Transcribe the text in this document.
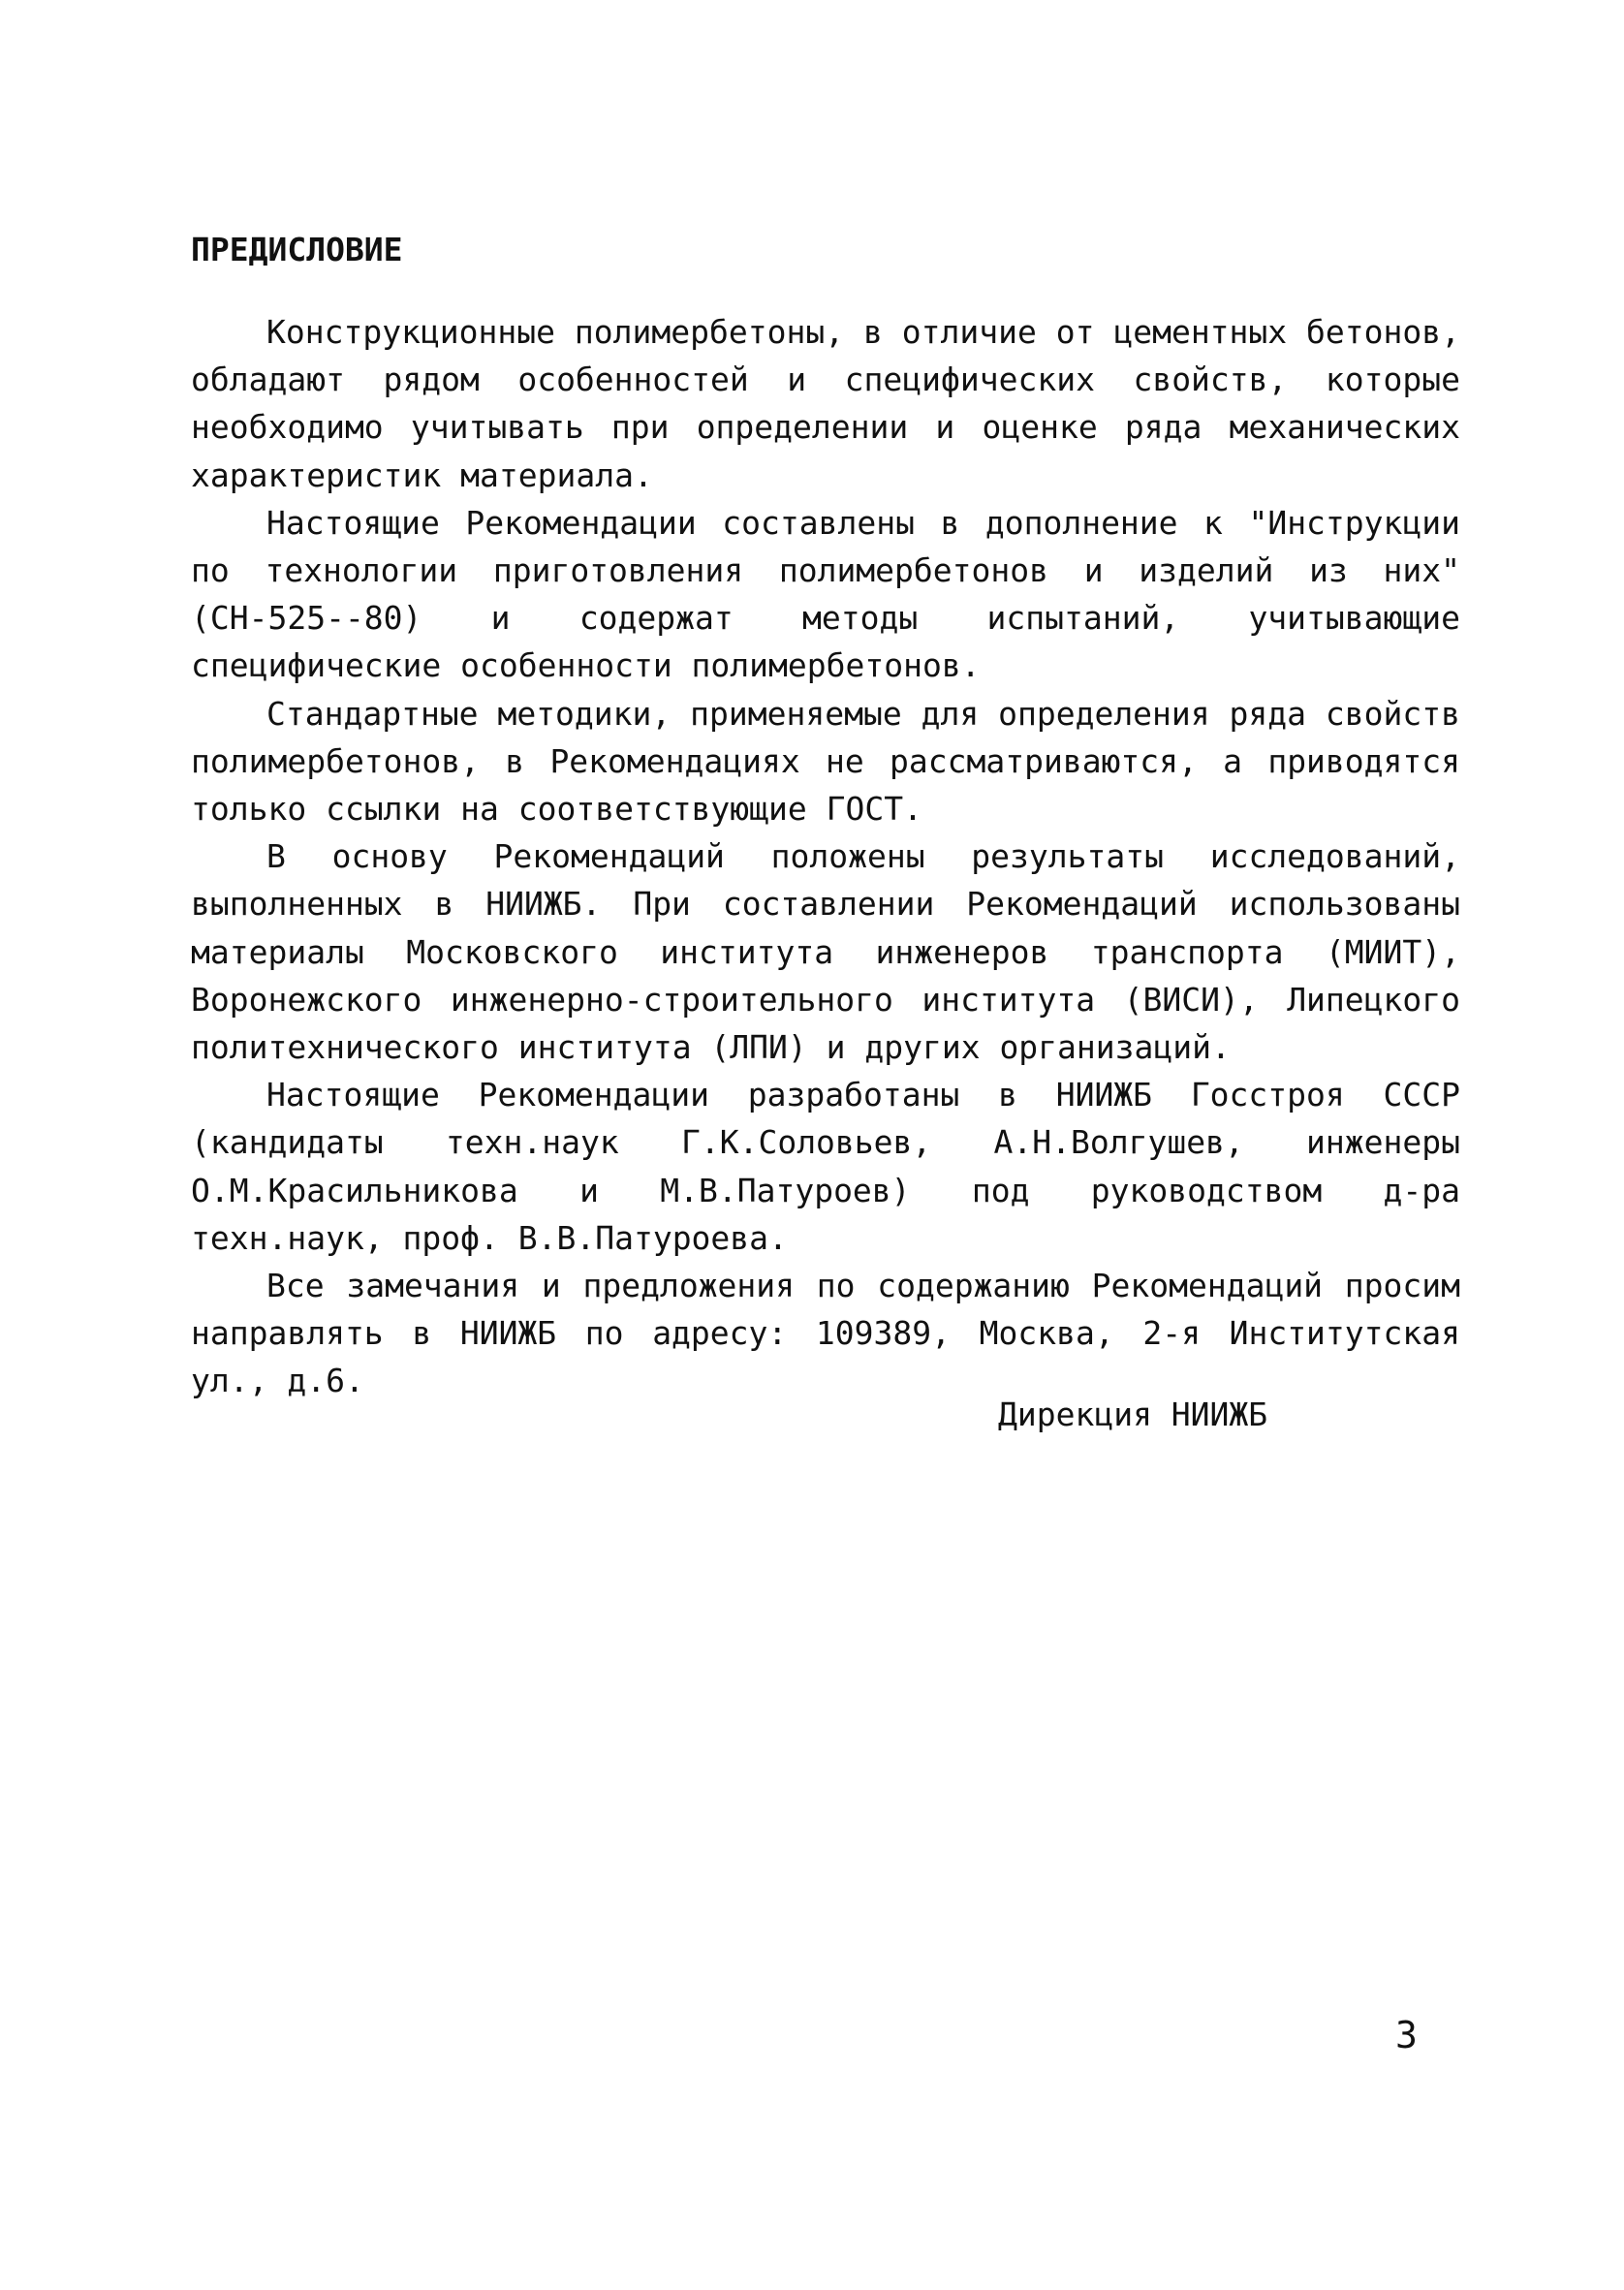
ПРЕДИСЛОВИЕ

Конструкционные полимербетоны, в отличие от цементных бетонов, обладают рядом особенностей и специфических свойств, которые необходимо учитывать при определении и оценке ряда механических характеристик материала.

Настоящие Рекомендации составлены в дополнение к "Инструкции по технологии приготовления полимербетонов и изделий из них" (СН-525--80) и содержат методы испытаний, учитывающие специфические особенности полимербетонов.

Стандартные методики, применяемые для определения ряда свойств полимербетонов, в Рекомендациях не рассматриваются, а приводятся только ссылки на соответствующие ГОСТ.

В основу Рекомендаций положены результаты исследований, выполненных в НИИЖБ. При составлении Рекомендаций использованы материалы Московского института инженеров транспорта (МИИТ), Воронежского инженерно-строительного института (ВИСИ), Липецкого политехнического института (ЛПИ) и других организаций.

Настоящие Рекомендации разработаны в НИИЖБ Госстроя СССР (кандидаты техн.наук Г.К.Соловьев, А.Н.Волгушев, инженеры О.М.Красильникова и М.В.Патуроев) под руководством д-ра техн.наук, проф. В.В.Патуроева.

Все замечания и предложения по содержанию Рекомендаций просим направлять в НИИЖБ по адресу: 109389, Москва, 2-я Институтская ул., д.6.

Дирекция НИИЖБ
3
